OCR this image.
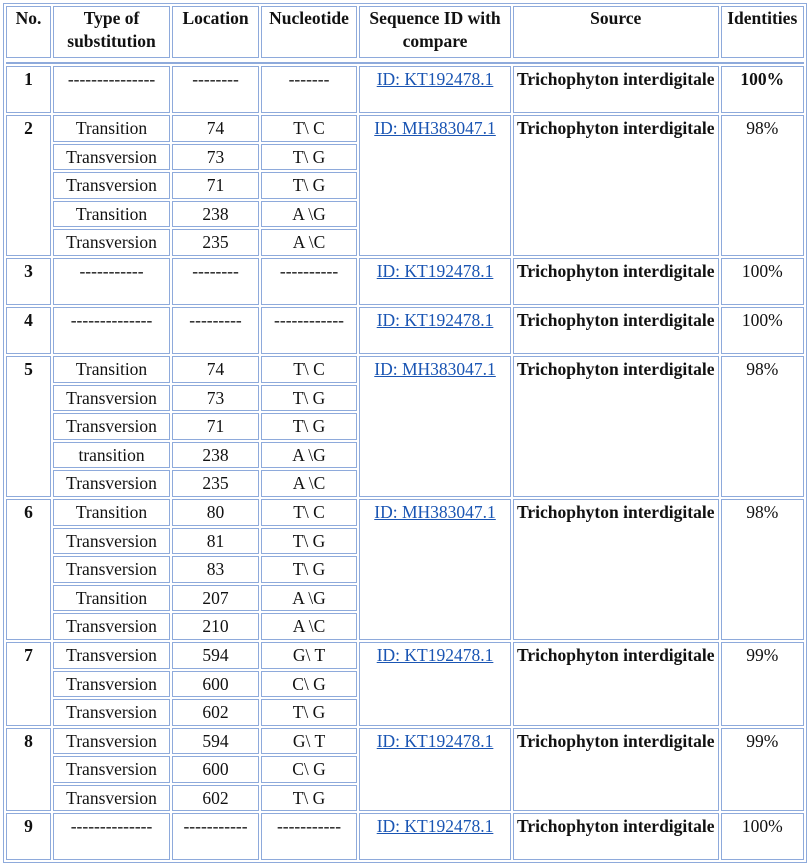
No.	Type of substitution	Location	Nucleotide	Sequence ID with compare	Source	Identities

1	---------------	--------	-------	ID: KT192478.1	Trichophyton interdigitale	100%
2	Transition	74	T\ C	ID: MH383047.1	Trichophyton interdigitale	98%
	Transversion	73	T\ G			
	Transversion	71	T\ G			
	Transition	238	A \G			
	Transversion	235	A \C			
3	-----------	--------	----------	ID: KT192478.1	Trichophyton interdigitale	100%
4	--------------	---------	------------	ID: KT192478.1	Trichophyton interdigitale	100%
5	Transition	74	T\ C	ID: MH383047.1	Trichophyton interdigitale	98%
	Transversion	73	T\ G			
	Transversion	71	T\ G			
	transition	238	A \G			
	Transversion	235	A \C			
6	Transition	80	T\ C	ID: MH383047.1	Trichophyton interdigitale	98%
	Transversion	81	T\ G			
	Transversion	83	T\ G			
	Transition	207	A \G			
	Transversion	210	A \C			
7	Transversion	594	G\ T	ID: KT192478.1	Trichophyton interdigitale	99%
	Transversion	600	C\ G			
	Transversion	602	T\ G			
8	Transversion	594	G\ T	ID: KT192478.1	Trichophyton interdigitale	99%
	Transversion	600	C\ G			
	Transversion	602	T\ G			
9	--------------	-----------	-----------	ID: KT192478.1	Trichophyton interdigitale	100%
